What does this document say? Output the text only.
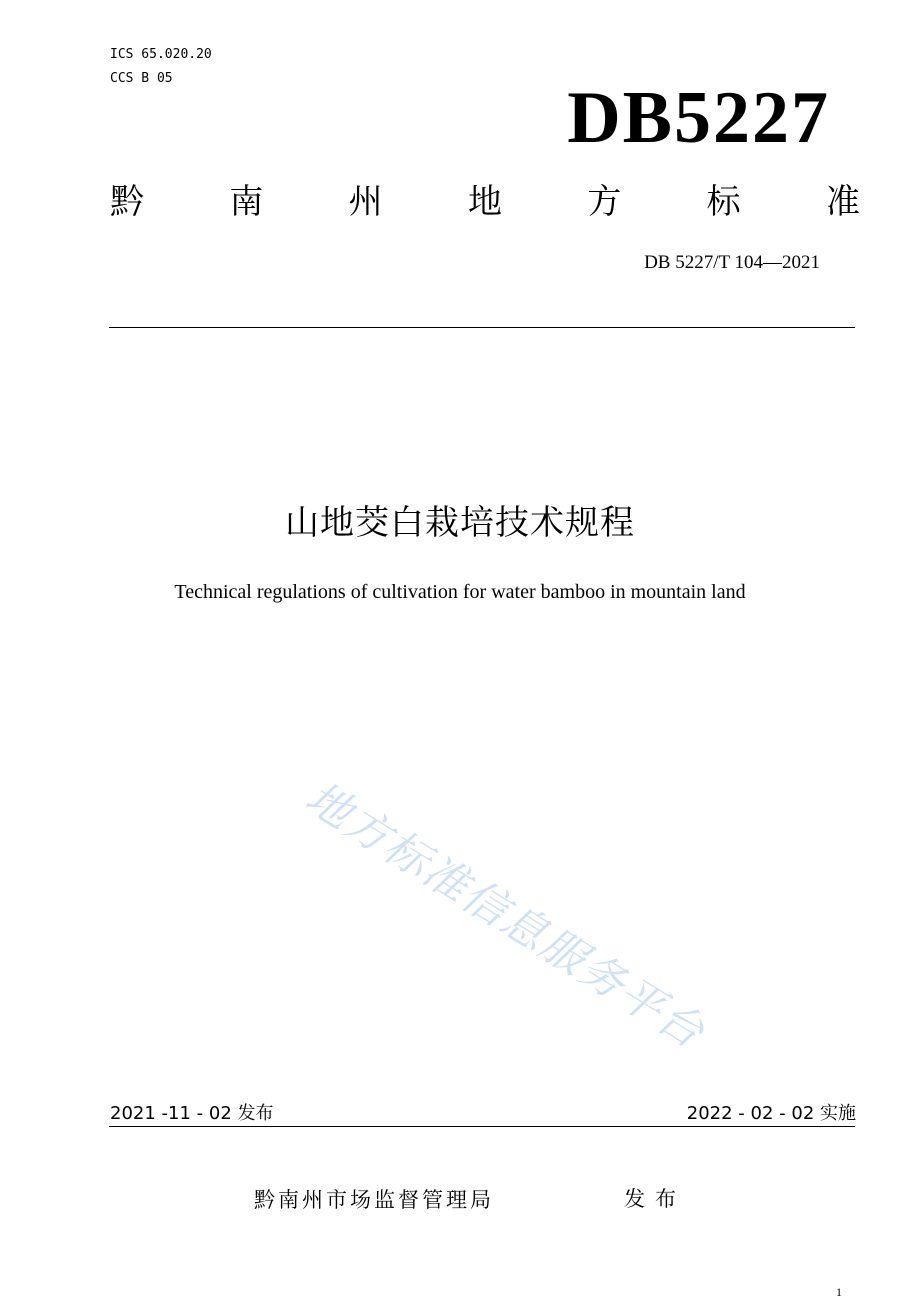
ICS 65.020.20
CCS B 05	DB5227
黔	南	州	地	方	标	准
DB 5227/T 104—2021
山地茭白栽培技术规程
Technical regulations of cultivation for water bamboo in mountain land
地方标准信息服务平台
2021 -11 - 02 发布	2022 - 02 - 02 实施
黔南州市场监督管理局	发布
1
